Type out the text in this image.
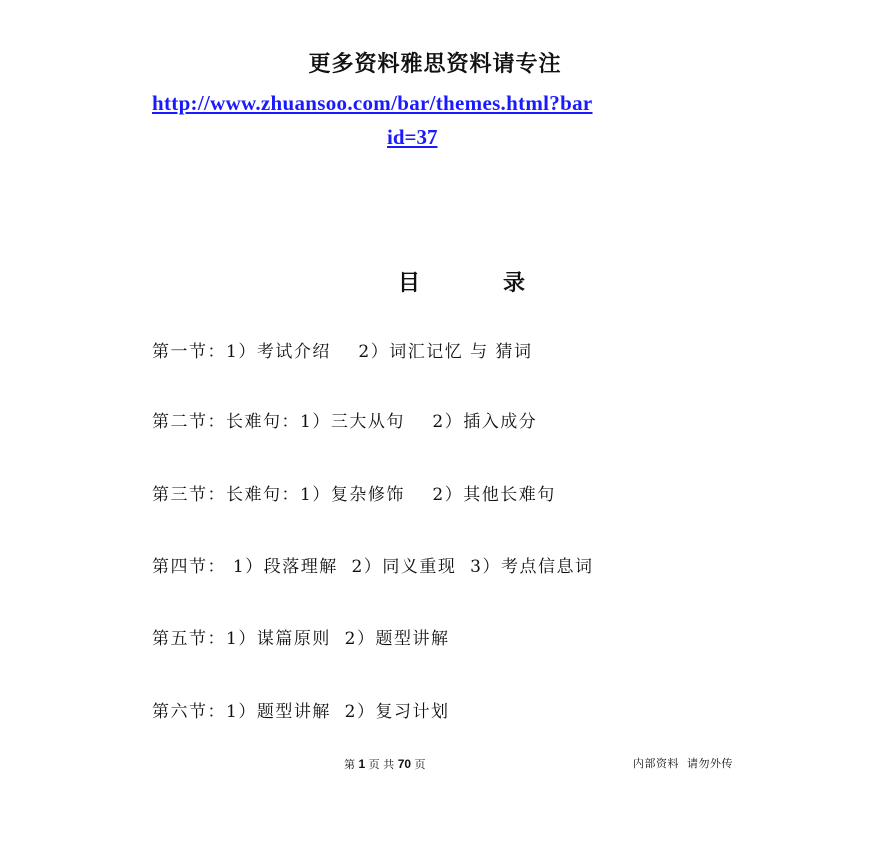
更多资料雅思资料请专注
http://www.zhuansoo.com/bar/themes.html?bar
id=37
目	录
第一节：1）考试介绍    2）词汇记忆 与 猜词
第二节：长难句：1）三大从句    2）插入成分
第三节：长难句：1）复杂修饰    2）其他长难句
第四节： 1）段落理解  2）同义重现  3）考点信息词
第五节：1）谋篇原则  2）题型讲解
第六节：1）题型讲解  2）复习计划
第 1 页 共 70 页	内部资料  请勿外传
